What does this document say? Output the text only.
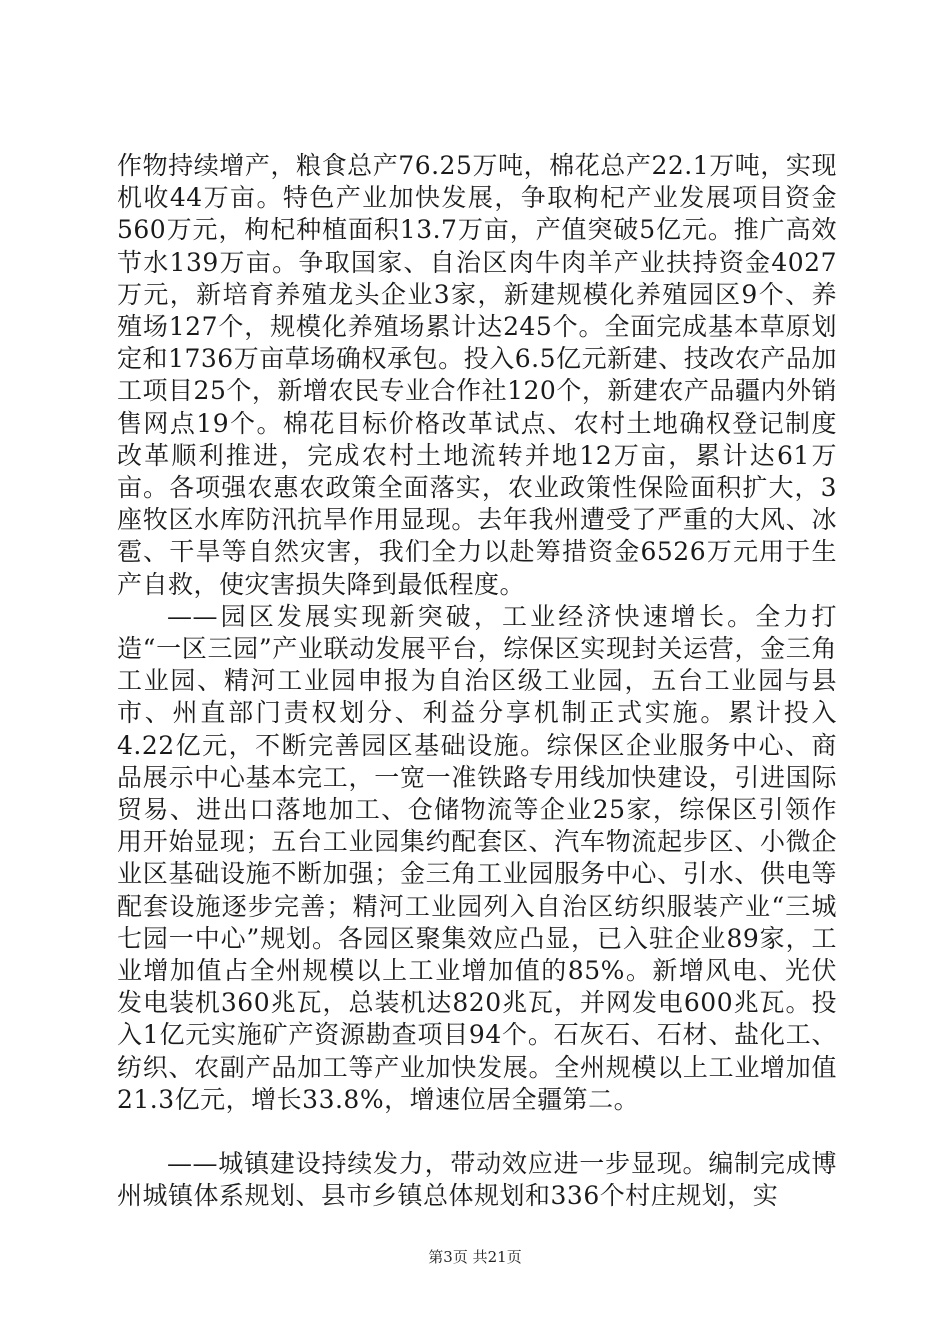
作物持续增产，粮食总产76.25万吨，棉花总产22.1万吨，实现机收44万亩。特色产业加快发展，争取枸杞产业发展项目资金560万元，枸杞种植面积13.7万亩，产值突破5亿元。推广高效节水139万亩。争取国家、自治区肉牛肉羊产业扶持资金4027万元，新培育养殖龙头企业3家，新建规模化养殖园区9个、养殖场127个，规模化养殖场累计达245个。全面完成基本草原划定和1736万亩草场确权承包。投入6.5亿元新建、技改农产品加工项目25个，新增农民专业合作社120个，新建农产品疆内外销售网点19个。棉花目标价格改革试点、农村土地确权登记制度改革顺利推进，完成农村土地流转并地12万亩，累计达61万亩。各项强农惠农政策全面落实，农业政策性保险面积扩大，3座牧区水库防汛抗旱作用显现。去年我州遭受了严重的大风、冰雹、干旱等自然灾害，我们全力以赴筹措资金6526万元用于生产自救，使灾害损失降到最低程度。

——园区发展实现新突破，工业经济快速增长。全力打造“一区三园”产业联动发展平台，综保区实现封关运营，金三角工业园、精河工业园申报为自治区级工业园，五台工业园与县市、州直部门责权划分、利益分享机制正式实施。累计投入4.22亿元，不断完善园区基础设施。综保区企业服务中心、商品展示中心基本完工，一宽一准铁路专用线加快建设，引进国际贸易、进出口落地加工、仓储物流等企业25家，综保区引领作用开始显现；五台工业园集约配套区、汽车物流起步区、小微企业区基础设施不断加强；金三角工业园服务中心、引水、供电等配套设施逐步完善；精河工业园列入自治区纺织服装产业“三城七园一中心”规划。各园区聚集效应凸显，已入驻企业89家，工业增加值占全州规模以上工业增加值的85%。新增风电、光伏发电装机360兆瓦，总装机达820兆瓦，并网发电600兆瓦。投入1亿元实施矿产资源勘查项目94个。石灰石、石材、盐化工、纺织、农副产品加工等产业加快发展。全州规模以上工业增加值21.3亿元，增长33.8%，增速位居全疆第二。

——城镇建设持续发力，带动效应进一步显现。编制完成博州城镇体系规划、县市乡镇总体规划和336个村庄规划，实

第3页 共21页
